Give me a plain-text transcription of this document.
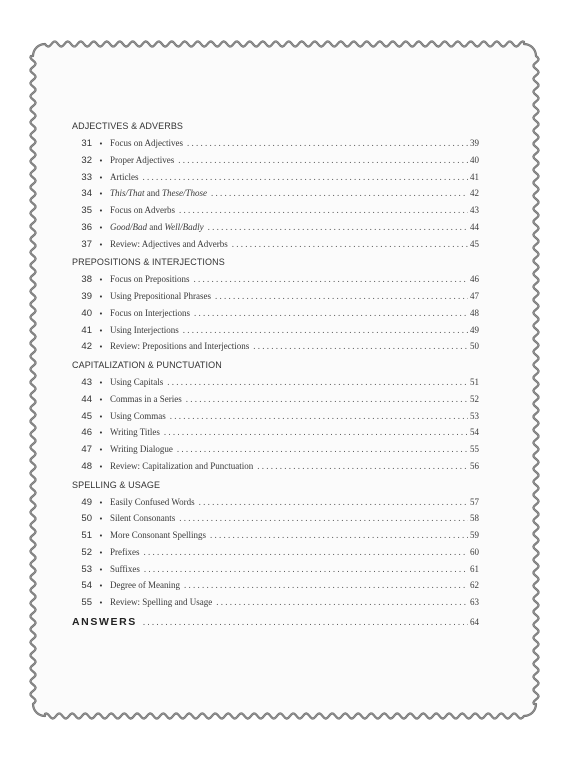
ADJECTIVES & ADVERBS
31 • Focus on Adjectives . . .	39
32 • Proper Adjectives . . .	40
33 • Articles . . .	41
34 • This/That and These/Those . . .	42
35 • Focus on Adverbs . . .	43
36 • Good/Bad and Well/Badly . . .	44
37 • Review: Adjectives and Adverbs . . .	45
PREPOSITIONS & INTERJECTIONS
38 • Focus on Prepositions . . .	46
39 • Using Prepositional Phrases . . .	47
40 • Focus on Interjections . . .	48
41 • Using Interjections . . .	49
42 • Review: Prepositions and Interjections . . .	50
CAPITALIZATION & PUNCTUATION
43 • Using Capitals . . .	51
44 • Commas in a Series . . .	52
45 • Using Commas . . .	53
46 • Writing Titles . . .	54
47 • Writing Dialogue . . .	55
48 • Review: Capitalization and Punctuation . . .	56
SPELLING & USAGE
49 • Easily Confused Words . . .	57
50 • Silent Consonants . . .	58
51 • More Consonant Spellings . . .	59
52 • Prefixes . . .	60
53 • Suffixes . . .	61
54 • Degree of Meaning . . .	62
55 • Review: Spelling and Usage . . .	63
ANSWERS . . .	64
